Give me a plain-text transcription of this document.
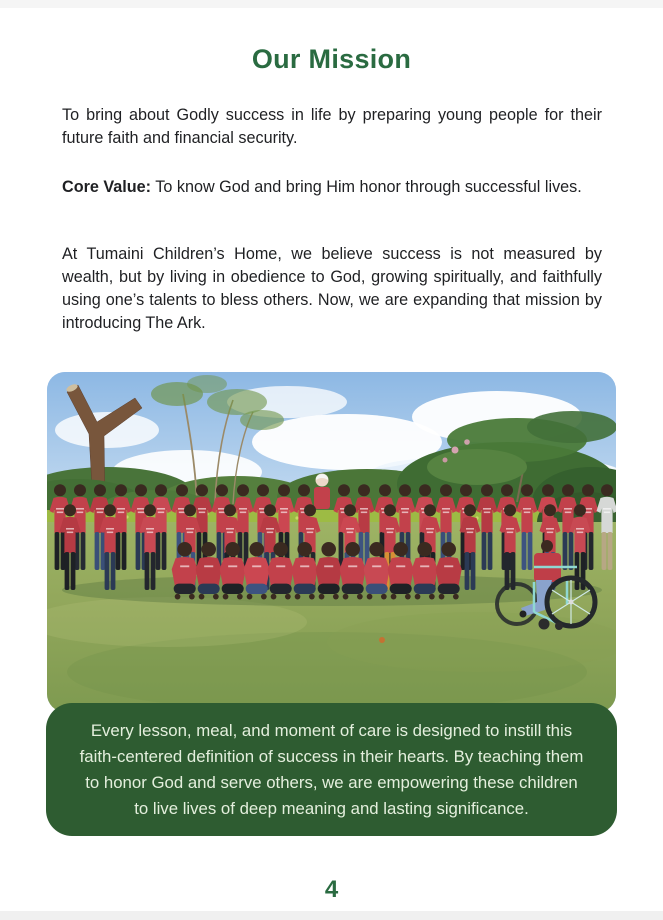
Our Mission

To bring about Godly success in life by preparing young people for their future faith and financial security.

Core Value: To know God and bring Him honor through successful lives.

At Tumaini Children’s Home, we believe success is not measured by wealth, but by living in obedience to God, growing spiritually, and faithfully using one’s talents to bless others. Now, we are expanding that mission by introducing The Ark.

Every lesson, meal, and moment of care is designed to instill this faith-centered definition of success in their hearts. By teaching them to honor God and serve others, we are empowering these children to live lives of deep meaning and lasting significance.

4
